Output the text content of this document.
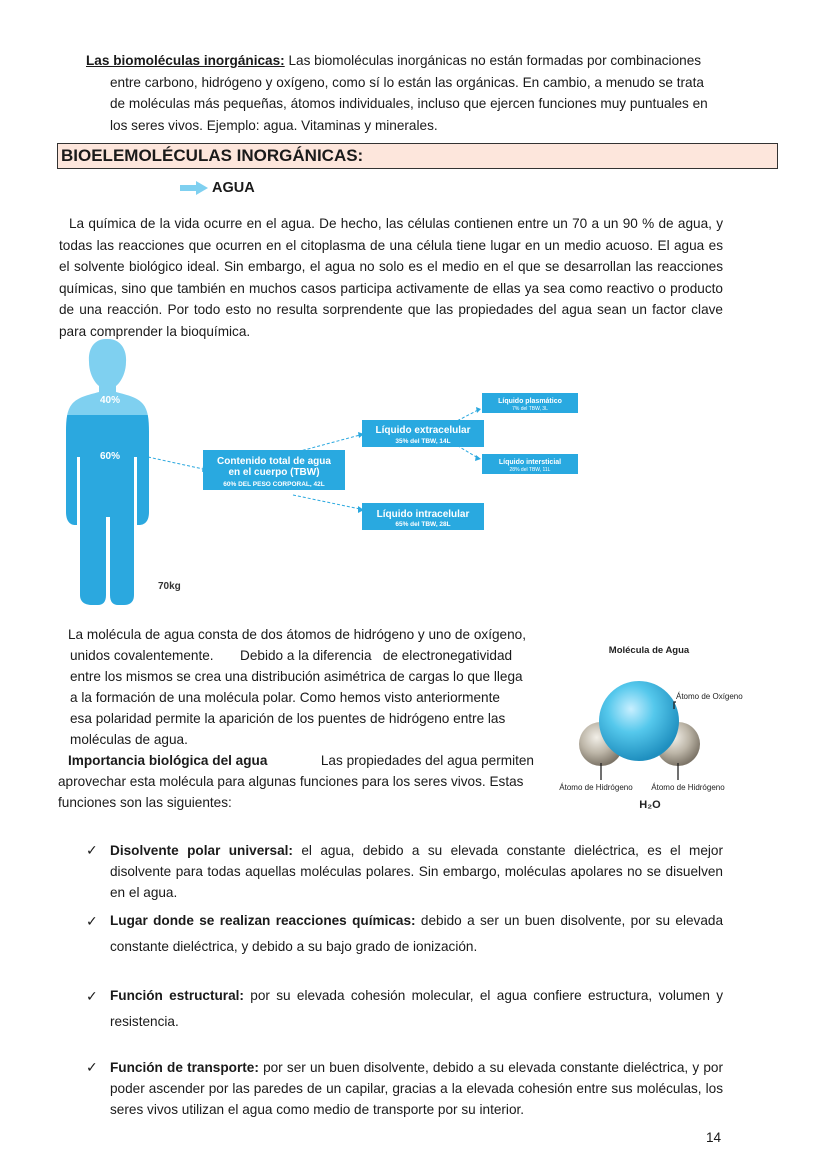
Las biomoléculas inorgánicas: Las biomoléculas inorgánicas no están formadas por combinaciones

entre carbono, hidrógeno y oxígeno, como sí lo están las orgánicas. En cambio, a menudo se trata

de moléculas más pequeñas, átomos individuales, incluso que ejercen funciones muy puntuales en

los seres vivos. Ejemplo: agua. Vitaminas y minerales.

BIOELEMOLÉCULAS INORGÁNICAS:
AGUA
La química de la vida ocurre en el agua. De hecho, las células contienen entre un 70 a un 90 % de agua, y todas las reacciones que ocurren en el citoplasma de una célula tiene lugar en un medio acuoso. El agua es el solvente biológico ideal. Sin embargo, el agua no solo es el medio en el que se desarrollan las reacciones químicas, sino que también en muchos casos participa activamente de ellas ya sea como reactivo o producto de una reacción. Por todo esto no resulta sorprendente que las propiedades del agua sean un factor clave para comprender la bioquímica.
40%
60%
70kg
Contenido total de agua
en el cuerpo (TBW)
60% DEL PESO CORPORAL, 42L
Líquido extracelular
35% del TBW, 14L
Líquido intracelular
65% del TBW, 28L
Líquido plasmático
7% del TBW, 3L
Líquido intersticial
28% del TBW, 11L

La molécula de agua consta de dos átomos de hidrógeno y uno de oxígeno,

unidos covalentemente.       Debido a la diferencia   de electronegatividad

entre los mismos se crea una distribución asimétrica de cargas lo que llega

a la formación de una molécula polar. Como hemos visto anteriormente

esa polaridad permite la aparición de los puentes de hidrógeno entre las

moléculas de agua.

Importancia biológica del agua	Las propiedades del agua permiten

aprovechar esta molécula para algunas funciones para los seres vivos. Estas

funciones son las siguientes:

Molécula de Agua
Átomo de Oxígeno
Átomo de Hidrógeno Átomo de Hidrógeno
H₂O
✓ Disolvente polar universal: el agua, debido a su elevada constante dieléctrica, es el mejor disolvente para todas aquellas moléculas polares. Sin embargo, moléculas apolares no se disuelven en el agua.

✓ Lugar donde se realizan reacciones químicas: debido a ser un buen disolvente, por su elevada constante dieléctrica, y debido a su bajo grado de ionización.

✓ Función estructural: por su elevada cohesión molecular, el agua confiere estructura, volumen y resistencia.

✓ Función de transporte: por ser un buen disolvente, debido a su elevada constante dieléctrica, y por poder ascender por las paredes de un capilar, gracias a la elevada cohesión entre sus moléculas, los seres vivos utilizan el agua como medio de transporte por su interior.

14
